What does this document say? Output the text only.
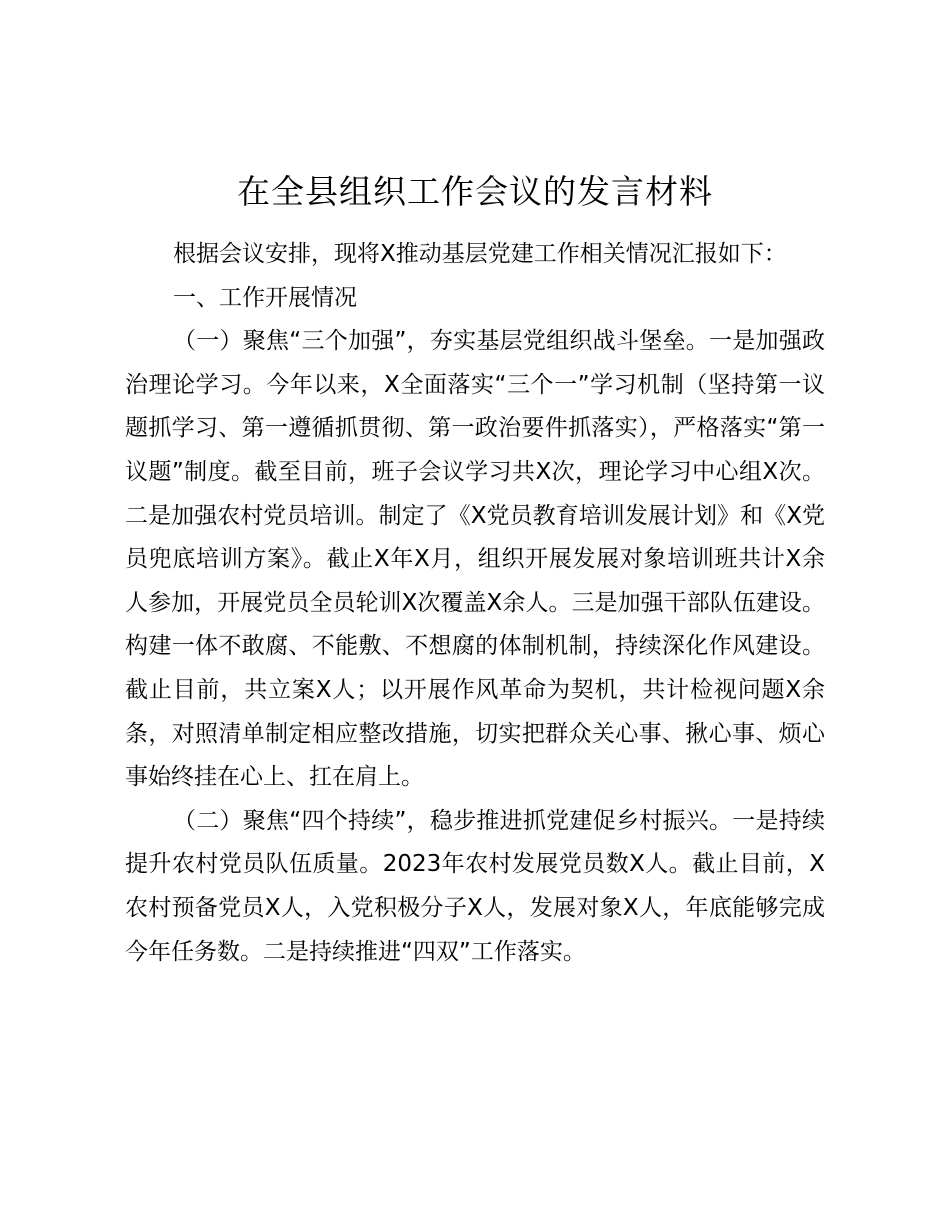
在全县组织工作会议的发言材料

根据会议安排，现将X推动基层党建工作相关情况汇报如下：

一、工作开展情况

（一）聚焦“三个加强”，夯实基层党组织战斗堡垒。一是加强政治理论学习。今年以来，X全面落实“三个一”学习机制（坚持第一议题抓学习、第一遵循抓贯彻、第一政治要件抓落实），严格落实“第一议题”制度。截至目前，班子会议学习共X次，理论学习中心组X次。二是加强农村党员培训。制定了《X党员教育培训发展计划》和《X党员兜底培训方案》。截止X年X月，组织开展发展对象培训班共计X余人参加，开展党员全员轮训X次覆盖X余人。三是加强干部队伍建设。构建一体不敢腐、不能敷、不想腐的体制机制，持续深化作风建设。截止目前，共立案X人；以开展作风革命为契机，共计检视问题X余条，对照清单制定相应整改措施，切实把群众关心事、揪心事、烦心事始终挂在心上、扛在肩上。

（二）聚焦“四个持续”，稳步推进抓党建促乡村振兴。一是持续提升农村党员队伍质量。2023年农村发展党员数X人。截止目前，X农村预备党员X人，入党积极分子X人，发展对象X人，年底能够完成今年任务数。二是持续推进“四双”工作落实。
